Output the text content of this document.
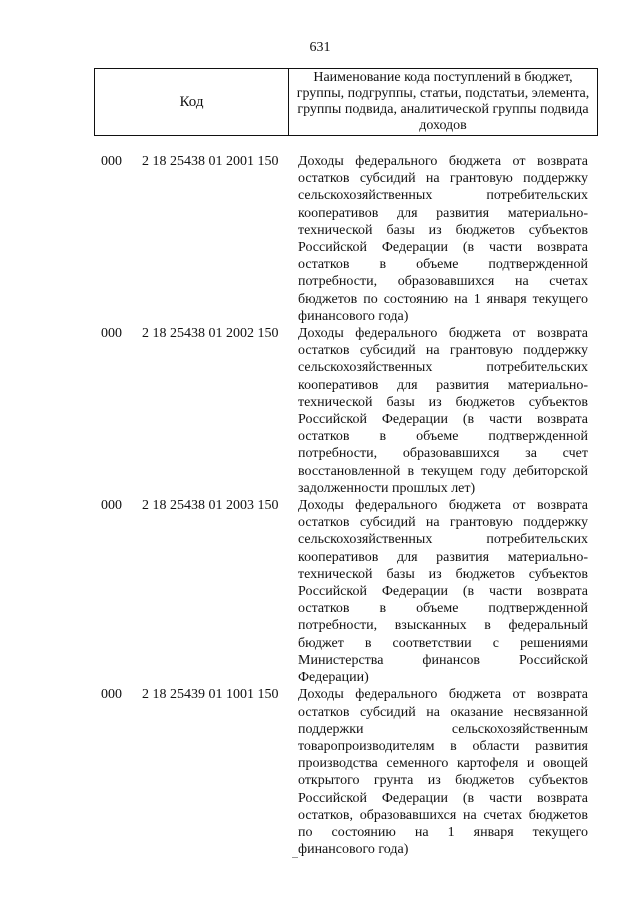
631
Код
Наименование кода поступлений в бюджет, группы, подгруппы, статьи, подстатьи, элемента, группы подвида, аналитической группы подвида доходов
000 2 18 25438 01 2001 150 Доходы федерального бюджета от возврата
остатков субсидий на грантовую поддержку
сельскохозяйственных потребительских
кооперативов для развития материально-
технической базы из бюджетов субъектов
Российской Федерации (в части возврата
остатков в объеме подтвержденной
потребности, образовавшихся на счетах
бюджетов по состоянию на 1 января текущего
финансового года)
000 2 18 25438 01 2002 150 Доходы федерального бюджета от возврата
остатков субсидий на грантовую поддержку
сельскохозяйственных потребительских
кооперативов для развития материально-
технической базы из бюджетов субъектов
Российской Федерации (в части возврата
остатков в объеме подтвержденной
потребности, образовавшихся за счет
восстановленной в текущем году дебиторской
задолженности прошлых лет)
000 2 18 25438 01 2003 150 Доходы федерального бюджета от возврата
остатков субсидий на грантовую поддержку
сельскохозяйственных потребительских
кооперативов для развития материально-
технической базы из бюджетов субъектов
Российской Федерации (в части возврата
остатков в объеме подтвержденной
потребности, взысканных в федеральный
бюджет в соответствии с решениями
Министерства финансов Российской
Федерации)
000 2 18 25439 01 1001 150 Доходы федерального бюджета от возврата
остатков субсидий на оказание несвязанной
поддержки сельскохозяйственным
товаропроизводителям в области развития
производства семенного картофеля и овощей
открытого грунта из бюджетов субъектов
Российской Федерации (в части возврата
остатков, образовавшихся на счетах бюджетов
по состоянию на 1 января текущего
финансового года)
